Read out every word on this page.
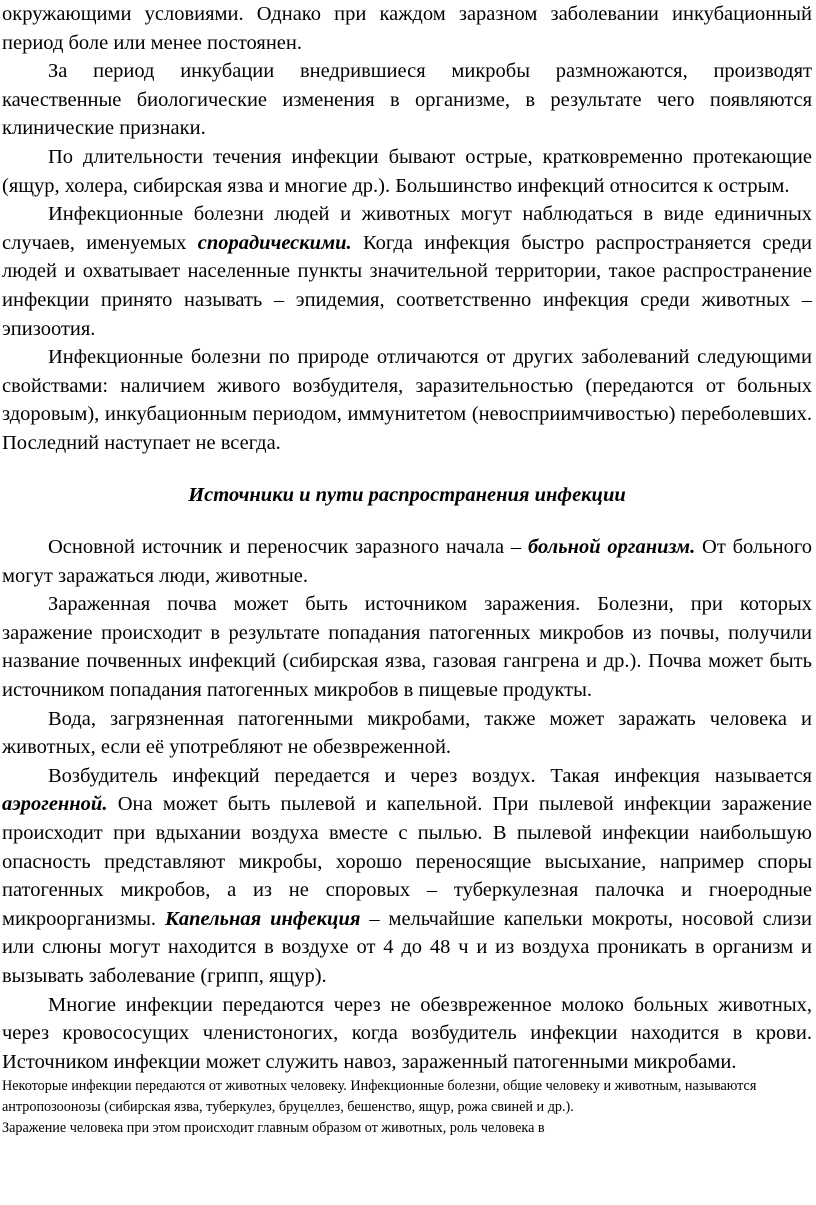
окружающими условиями. Однако при каждом заразном заболевании инкубационный период боле или менее постоянен.

За период инкубации внедрившиеся микробы размножаются, производят качественные биологические изменения в организме, в результате чего появляются клинические признаки.

По длительности течения инфекции бывают острые, кратковременно протекающие (ящур, холера, сибирская язва и многие др.). Большинство инфекций относится к острым.

Инфекционные болезни людей и животных могут наблюдаться в виде единичных случаев, именуемых спорадическими. Когда инфекция быстро распространяется среди людей и охватывает населенные пункты значительной территории, такое распространение инфекции принято называть – эпидемия, соответственно инфекция среди животных – эпизоотия.

Инфекционные болезни по природе отличаются от других заболеваний следующими свойствами: наличием живого возбудителя, заразительностью (передаются от больных здоровым), инкубационным периодом, иммунитетом (невосприимчивостью) переболевших. Последний наступает не всегда.

Источники и пути распространения инфекции

Основной источник и переносчик заразного начала – больной организм. От больного могут заражаться люди, животные.

Зараженная почва может быть источником заражения. Болезни, при которых заражение происходит в результате попадания патогенных микробов из почвы, получили название почвенных инфекций (сибирская язва, газовая гангрена и др.). Почва может быть источником попадания патогенных микробов в пищевые продукты.

Вода, загрязненная патогенными микробами, также может заражать человека и животных, если её употребляют не обезвреженной.

Возбудитель инфекций передается и через воздух. Такая инфекция называется аэрогенной. Она может быть пылевой и капельной. При пылевой инфекции заражение происходит при вдыхании воздуха вместе с пылью. В пылевой инфекции наибольшую опасность представляют микробы, хорошо переносящие высыхание, например споры патогенных микробов, а из не споровых – туберкулезная палочка и гноеродные микроорганизмы. Капельная инфекция – мельчайшие капельки мокроты, носовой слизи или слюны могут находится в воздухе от 4 до 48 ч и из воздуха проникать в организм и вызывать заболевание (грипп, ящур).

Многие инфекции передаются через не обезвреженное молоко больных животных, через кровососущих членистоногих, когда возбудитель инфекции находится в крови. Источником инфекции может служить навоз, зараженный патогенными микробами.

Некоторые инфекции передаются от животных человеку. Инфекционные болезни, общие человеку и животным, называются антропозоонозы (сибирская язва, туберкулез, бруцеллез, бешенство, ящур, рожа свиней и др.).

Заражение человека при этом происходит главным образом от животных, роль человека в
